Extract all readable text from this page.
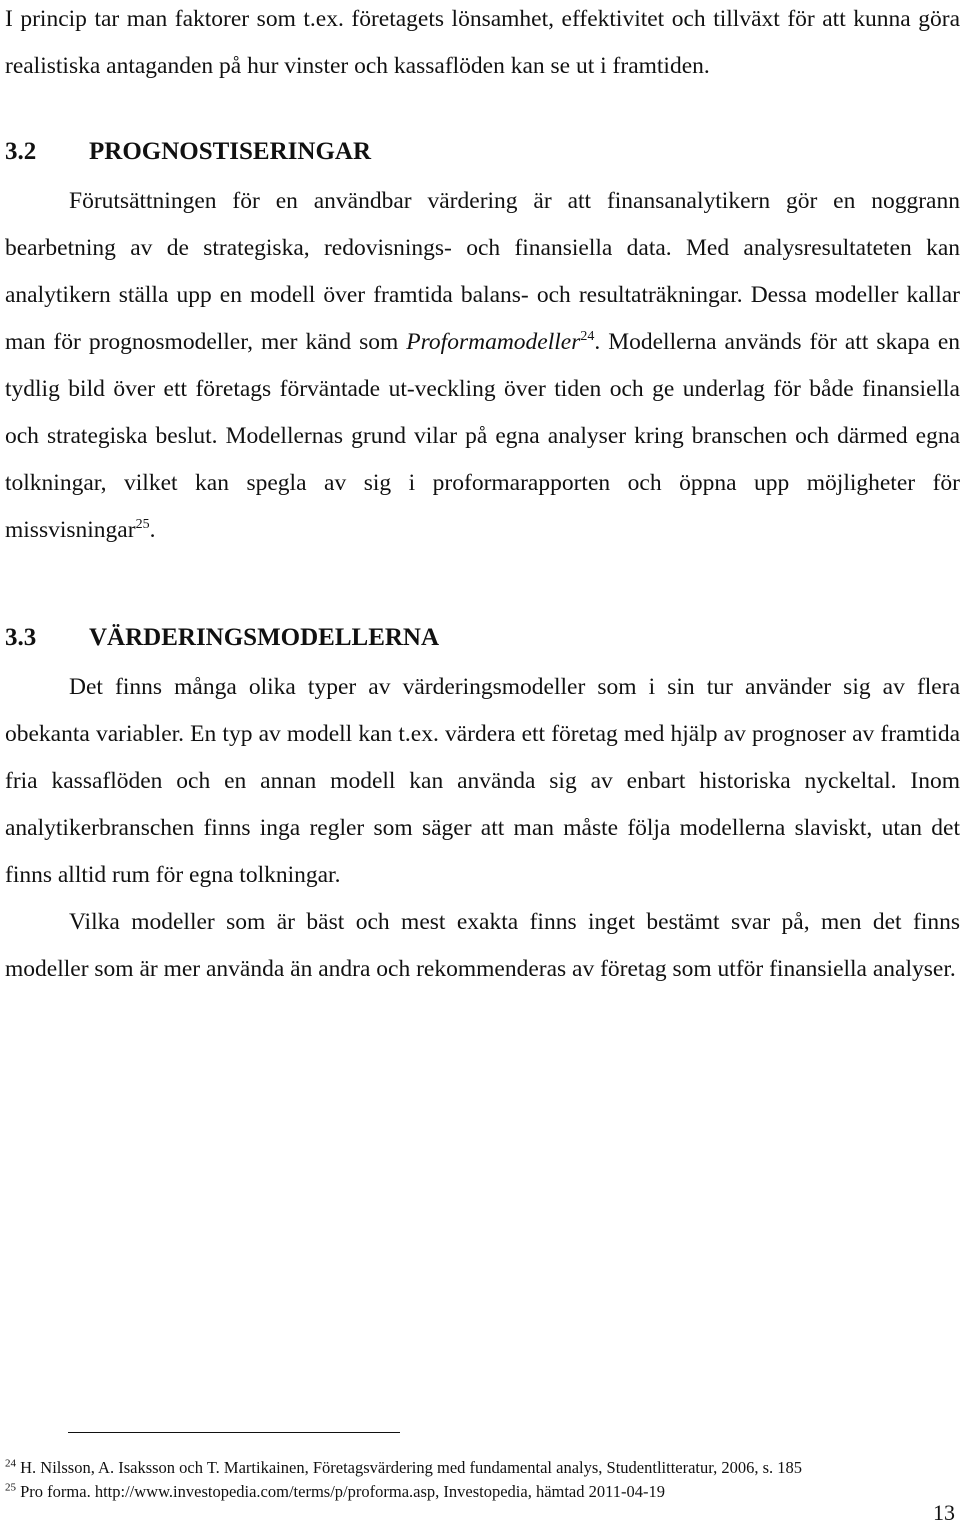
I princip tar man faktorer som t.ex. företagets lönsamhet, effektivitet och tillväxt för att kunna göra realistiska antaganden på hur vinster och kassaflöden kan se ut i framtiden.

3.2	PROGNOSTISERINGAR

Förutsättningen för en användbar värdering är att finansanalytikern gör en noggrann bearbetning av de strategiska, redovisnings- och finansiella data. Med analysresultateten kan analytikern ställa upp en modell över framtida balans- och resultaträkningar. Dessa modeller kallar man för prognosmodeller, mer känd som Proformamodeller$^{24}$. Modellerna används för att skapa en tydlig bild över ett företags förväntade ut-veckling över tiden och ge underlag för både finansiella och strategiska beslut. Modellernas grund vilar på egna analyser kring branschen och därmed egna tolkningar, vilket kan spegla av sig i proformarapporten och öppna upp möjligheter för missvisningar$^{25}$.

3.3	VÄRDERINGSMODELLERNA

Det finns många olika typer av värderingsmodeller som i sin tur använder sig av flera obekanta variabler. En typ av modell kan t.ex. värdera ett företag med hjälp av prognoser av framtida fria kassaflöden och en annan modell kan använda sig av enbart historiska nyckeltal. Inom analytikerbranschen finns inga regler som säger att man måste följa modellerna slaviskt, utan det finns alltid rum för egna tolkningar.

Vilka modeller som är bäst och mest exakta finns inget bestämt svar på, men det finns modeller som är mer använda än andra och rekommenderas av företag som utför finansiella analyser.

$^{24}$ H. Nilsson, A. Isaksson och T. Martikainen, Företagsvärdering med fundamental analys, Studentlitteratur, 2006, s. 185
$^{25}$ Pro forma. http://www.investopedia.com/terms/p/proforma.asp, Investopedia, hämtad 2011-04-19
13
